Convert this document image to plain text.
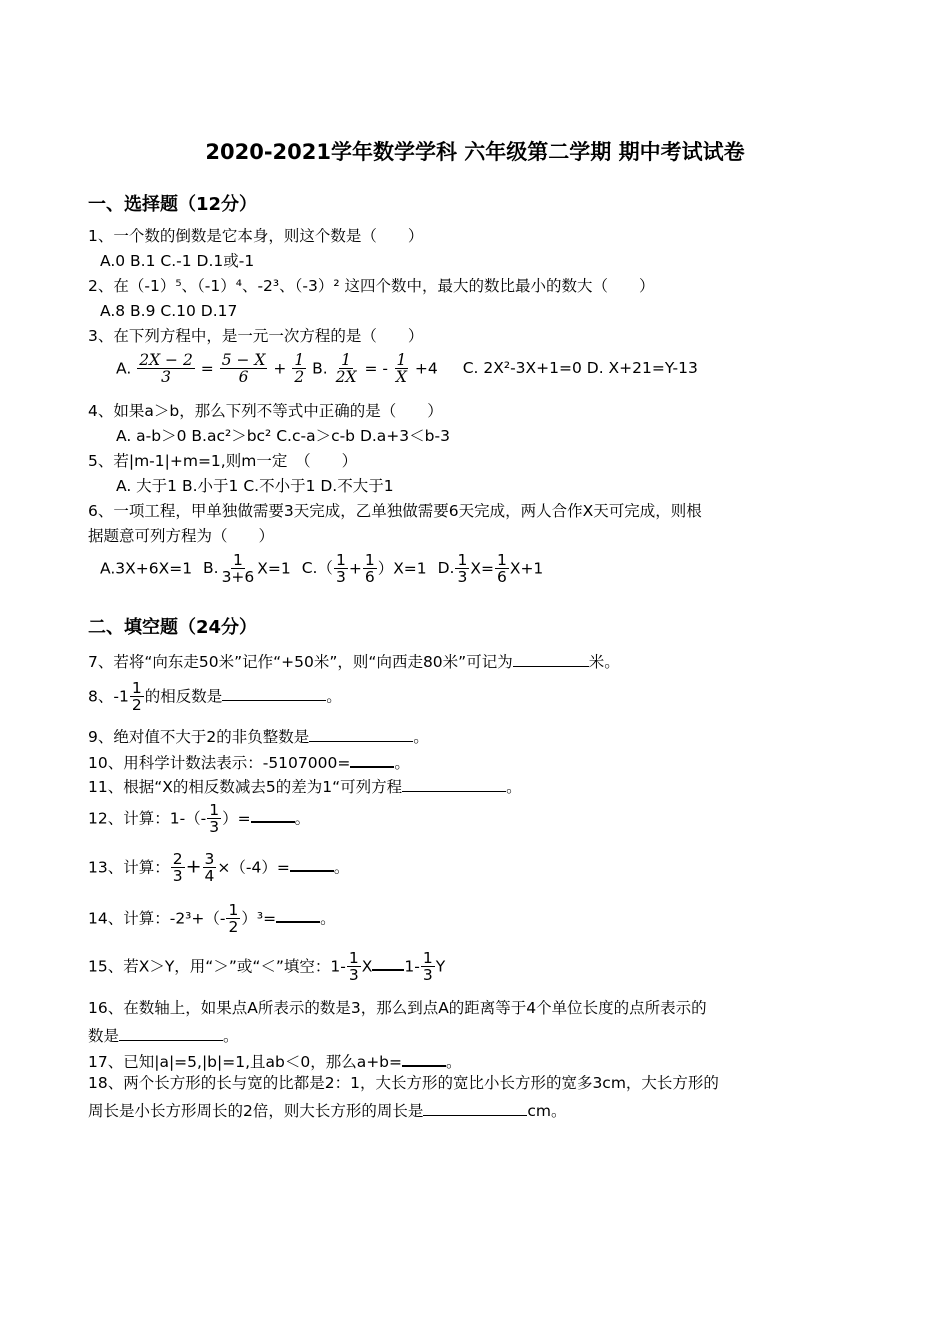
2020-2021学年数学学科 六年级第二学期 期中考试试卷
一、选择题（12分）
1、一个数的倒数是它本身，则这个数是（　　）
A.0 B.1 C.-1 D.1或-1
2、在（-1）⁵、（-1）⁴、-2³、（-3）² 这四个数中，最大的数比最小的数大（　　）
A.8 B.9 C.10 D.17
3、在下列方程中，是一元一次方程的是（　　）
A. $\frac{2X - 2}{3} = \frac{5 - X}{6} + \frac{1}{2} B$. $\frac{1}{2X}$ = - $\frac{1}{X} +4$ C. 2X²-3X+1=0 D. X+21=Y-13
4、如果a＞b，那么下列不等式中正确的是（　　）
A. a-b＞0 B.ac²＞bc² C.c-a＞c-b D.a+3＜b-3
5、若|m-1|+m=1,则m一定　（　　）
A. 大于1 B.小于1 C.不小于1 D.不大于1
6、一项工程，甲单独做需要3天完成，乙单独做需要6天完成，两人合作X天可完成，则根
据题意可列方程为（　　）
A.3X+6X=1 B. $\frac{1}{3+6} X=1$ $C.( \frac{1}{3} + \frac{1}{6} )X=1$ D. $\frac{1}{3} X= \frac{1}{6} X+1$
二、填空题（24分）
7、若将“向东走50米”记作“+50米”，则“向西走80米”可记为	米。
8、$-1 \frac{1}{2}$ 的相反数是	。
9、绝对值不大于2的非负整数是	。
10、用科学计数法表示：-5107000=	。
11、根据“X的相反数减去5的差为1“可列方程	。
12、计算：$1-(- \frac{1}{3}$ ）=	。
13、计算： $\frac{2}{3} + \frac{3}{4} \times(-4)=$	。
14、计算：$-2^3+(- \frac{1}{2} )^3=$	。
15、若X＞Y，用“＞”或“＜”填空：$1- \frac{1}{3}$ X $1- \frac{1}{3}$ Y
16、在数轴上，如果点A所表示的数是3，那么到点A的距离等于4个单位长度的点所表示的
数是	。
17、已知|a|=5,|b|=1,且ab＜0，那么a+b=	。
18、两个长方形的长与宽的比都是2：1，大长方形的宽比小长方形的宽多3cm，大长方形的
周长是小长方形周长的2倍，则大长方形的周长是	cm。
